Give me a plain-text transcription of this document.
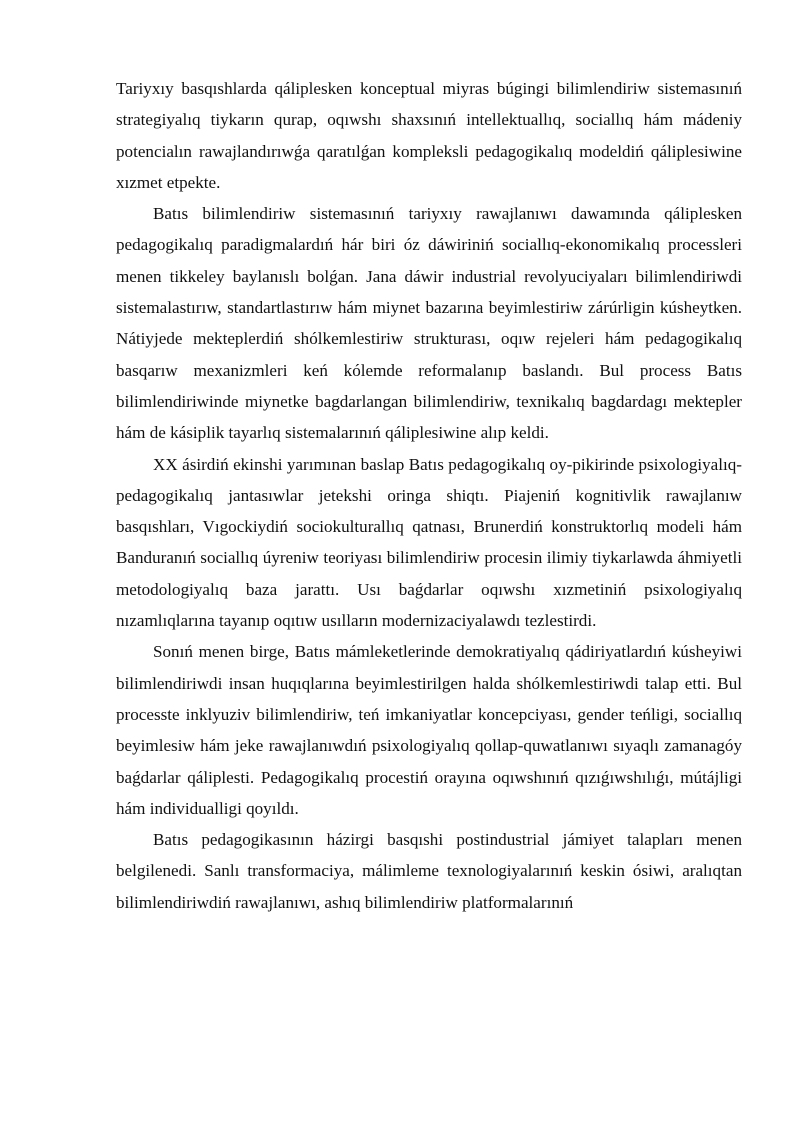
Tariyxıy basqıshlarda qáliplesken konceptual miyras búgingi bilimlendiriw sistemasınıń strategiyalıq tiykarın qurap, oqıwshı shaxsınıń intellektuallıq, sociallıq hám mádeniy potencialın rawajlandırıwǵa qaratılǵan kompleksli pedagogikalıq modeldiń qáliplesiwine xızmet etpekte.

Batıs bilimlendiriw sistemasınıń tariyxıy rawajlanıwı dawamında qáliplesken pedagogikalıq paradigmalardıń hár biri óz dáwiriniń sociallıq-ekonomikalıq processleri menen tikkeley baylanıslı bolǵan. Jana dáwir industrial revolyuciyaları bilimlendiriwdi sistemalastırıw, standartlastırıw hám miynet bazarına beyimlestiriw zárúrligin kúsheytken. Nátiyjede mekteplerdiń shólkemlestiriw strukturası, oqıw rejeleri hám pedagogikalıq basqarıw mexanizmleri keń kólemde reformalanıp baslandı. Bul process Batıs bilimlendiriwinde miynetke bagdarlangan bilimlendiriw, texnikalıq bagdardagı mektepler hám de kásiplik tayarlıq sistemalarınıń qáliplesiwine alıp keldi.

XX ásirdiń ekinshi yarımınan baslap Batıs pedagogikalıq oy-pikirinde psixologiyalıq-pedagogikalıq jantasıwlar jetekshi oringa shiqtı. Piajeniń kognitivlik rawajlanıw basqıshları, Vıgockiydiń sociokulturallıq qatnası, Brunerdiń konstruktorlıq modeli hám Banduranıń sociallıq úyreniw teoriyası bilimlendiriw procesin ilimiy tiykarlawda áhmiyetli metodologiyalıq baza jarattı. Usı baǵdarlar oqıwshı xızmetiniń psixologiyalıq nızamlıqlarına tayanıp oqıtıw usılların modernizaciyalawdı tezlestirdi.

Sonıń menen birge, Batıs mámleketlerinde demokratiyalıq qádiriyatlardıń kúsheyiwi bilimlendiriwdi insan huqıqlarına beyimlestirilgen halda shólkemlestiriwdi talap etti. Bul processte inklyuziv bilimlendiriw, teń imkaniyatlar koncepciyası, gender teńligi, sociallıq beyimlesiw hám jeke rawajlanıwdıń psixologiyalıq qollap-quwatlanıwı sıyaqlı zamanagóy baǵdarlar qáliplesti. Pedagogikalıq procestiń orayına oqıwshınıń qızıǵıwshılıǵı, mútájligi hám individualligi qoyıldı.

Batıs pedagogikasının házirgi basqıshi postindustrial jámiyet talapları menen belgilenedi. Sanlı transformaciya, málimleme texnologiyalarınıń keskin ósiwi, aralıqtan bilimlendiriwdiń rawajlanıwı, ashıq bilimlendiriw platformalarınıń
